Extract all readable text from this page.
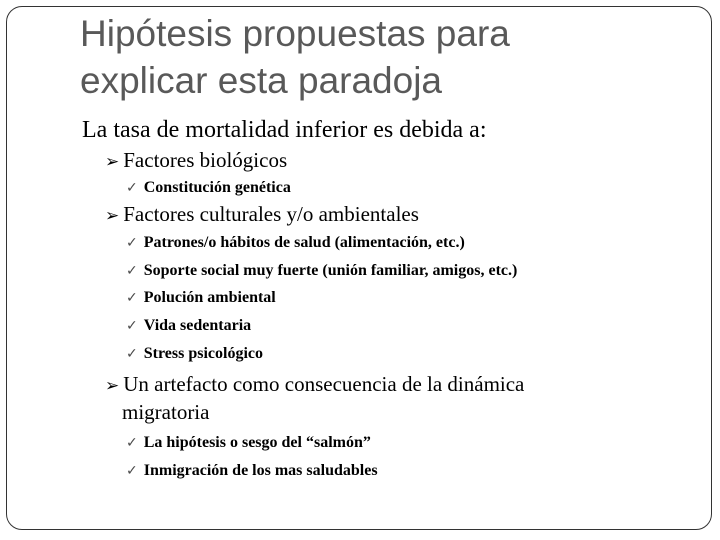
Hipótesis propuestas para
explicar esta paradoja
La tasa de mortalidad inferior es debida a:
➢ Factores biológicos
✓ Constitución genética
➢ Factores culturales y/o ambientales
✓ Patrones/o hábitos de salud (alimentación, etc.)
✓ Soporte social muy fuerte (unión familiar, amigos, etc.)
✓ Polución ambiental
✓ Vida sedentaria
✓ Stress psicológico
➢ Un artefacto como consecuencia de la dinámica
migratoria
✓ La hipótesis o sesgo del “salmón”
✓ Inmigración de los mas saludables
